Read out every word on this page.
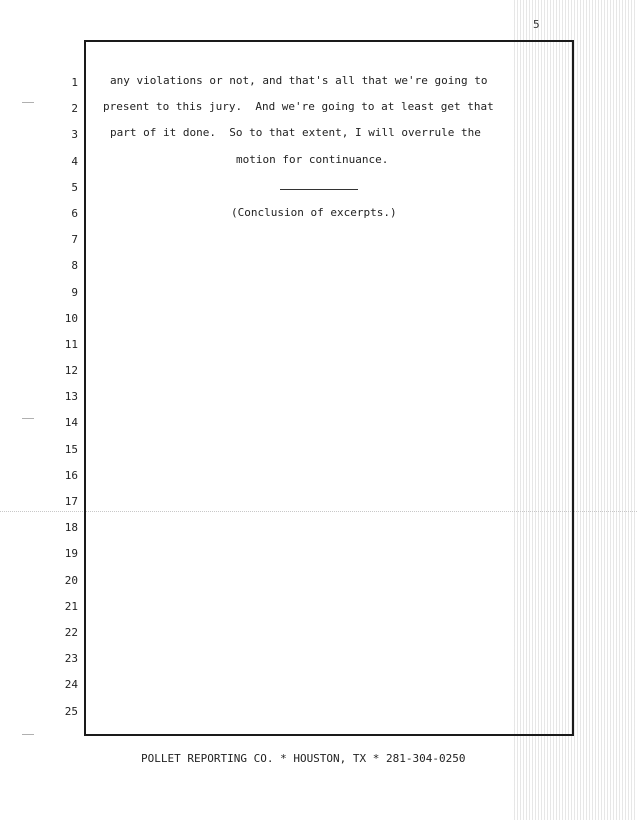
5
1
2
3
4
5
6
7
8
9
10
11
12
13
14
15
16
17
18
19
20
21
22
23
24
25
any violations or not, and that's all that we're going to
present to this jury.  And we're going to at least get that
part of it done.  So to that extent, I will overrule the
motion for continuance.
(Conclusion of excerpts.)
POLLET REPORTING CO. * HOUSTON, TX * 281-304-0250
